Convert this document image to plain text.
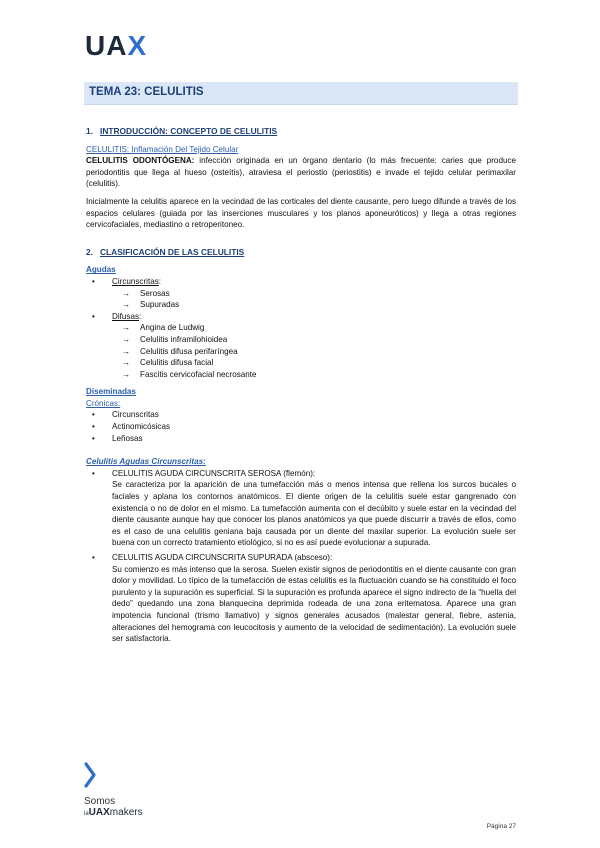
UAX
TEMA 23: CELULITIS
1. INTRODUCCIÓN: CONCEPTO DE CELULITIS
CELULITIS: Inflamación Del Tejido Celular

CELULITIS ODONTÓGENA: infección originada en un órgano dentario (lo más frecuente: caries que produce periodontitis que llega al hueso (osteítis), atraviesa el periostio (periostitis) e invade el tejido celular perimaxilar (celulitis).

Inicialmente la celulitis aparece en la vecindad de las corticales del diente causante, pero luego difunde a través de los espacios celulares (guiada por las inserciones musculares y los planos aponeuróticos) y llega a otras regiones cervicofaciales, mediastino o retroperitoneo.

2. CLASIFICACIÓN DE LAS CELULITIS
Agudas
• Circunscritas:
→ Serosas
→ Supuradas
• Difusas:
→ Angina de Ludwig
→ Celulitis inframilohioidea
→ Celulitis difusa perifaríngea
→ Celulitis difusa facial
→ Fascitis cervicofacial necrosante
Diseminadas
Crónicas:
• Circunscritas
• Actinomicósicas
• Leñosas
Celulitis Agudas Circunscritas:
• CELULITIS AGUDA CIRCUNSCRITA SEROSA (flemón):
Se caracteriza por la aparición de una tumefacción más o menos intensa que rellena los surcos bucales o faciales y aplana los contornos anatómicos. El diente origen de la celulitis suele estar gangrenado con existencia o no de dolor en el mismo. La tumefacción aumenta con el decúbito y suele estar en la vecindad del diente causante aunque hay que conocer los planos anatómicos ya que puede discurrir a través de ellos, como es el caso de una celulitis geniana baja causada por un diente del maxilar superior. La evolución suele ser buena con un correcto tratamiento etiológico, si no es así puede evolucionar a supurada.
• CELULITIS AGUDA CIRCUNSCRITA SUPURADA (absceso):
Su comienzo es más intenso que la serosa. Suelen existir signos de periodontitis en el diente causante con gran dolor y movilidad. Lo típico de la tumefacción de estas celulitis es la fluctuación cuando se ha constituido el foco purulento y la supuración es superficial. Si la supuración es profunda aparece el signo indirecto de la “huella del dedo” quedando una zona blanquecina deprimida rodeada de una zona eritematosa. Aparece una gran impotencia funcional (trismo llamativo) y signos generales acusados (malestar general, fiebre, astenia, alteraciones del hemograma con leucocitosis y aumento de la velocidad de sedimentación). La evolución suele ser satisfactoria.
Somos
laUAXmakers
Página 27
